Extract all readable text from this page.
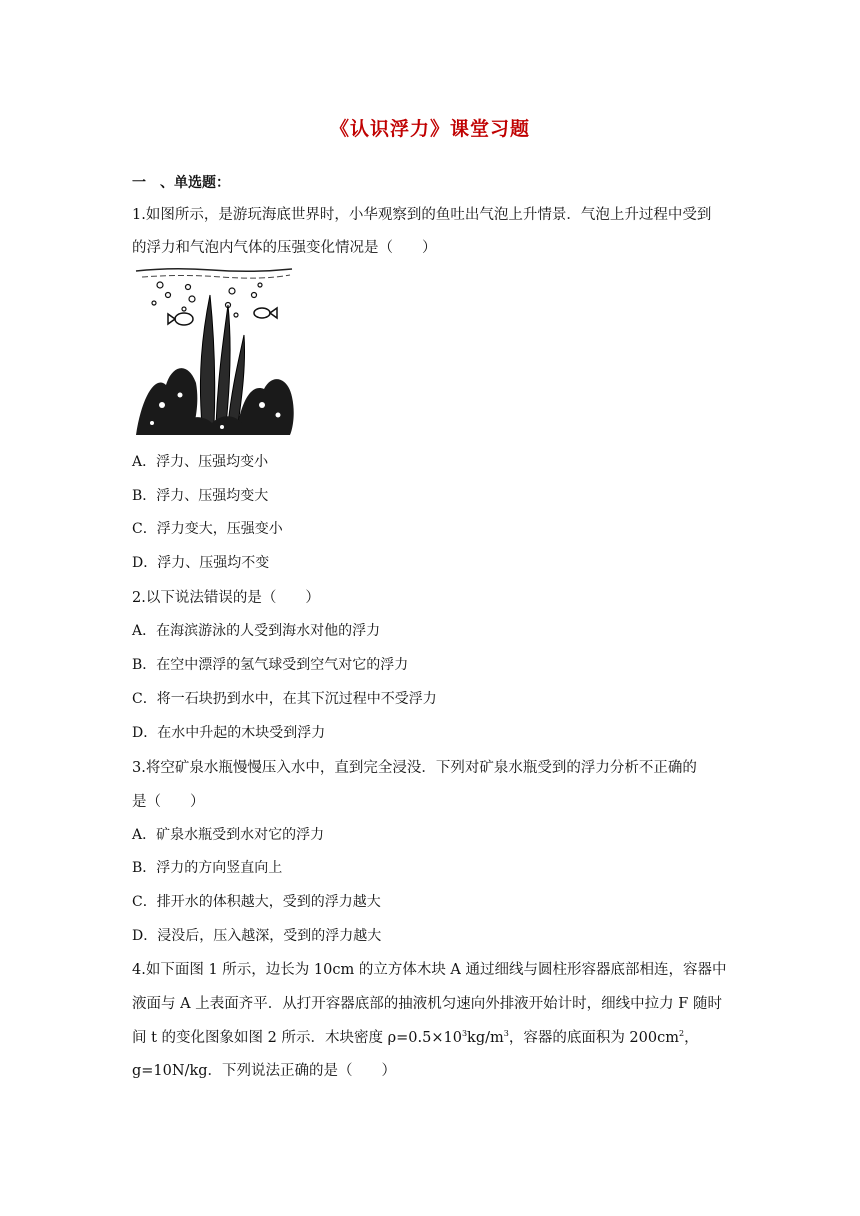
《认识浮力》课堂习题
一　、单选题：
1.如图所示，是游玩海底世界时，小华观察到的鱼吐出气泡上升情景．气泡上升过程中受到
的浮力和气泡内气体的压强变化情况是（　　）
A．浮力、压强均变小
B．浮力、压强均变大
C．浮力变大，压强变小
D．浮力、压强均不变
2.以下说法错误的是（　　）
A．在海滨游泳的人受到海水对他的浮力
B．在空中漂浮的氢气球受到空气对它的浮力
C．将一石块扔到水中，在其下沉过程中不受浮力
D．在水中升起的木块受到浮力
3.将空矿泉水瓶慢慢压入水中，直到完全浸没．下列对矿泉水瓶受到的浮力分析不正确的
是（　　）
A．矿泉水瓶受到水对它的浮力
B．浮力的方向竖直向上
C．排开水的体积越大，受到的浮力越大
D．浸没后，压入越深，受到的浮力越大
4.如下面图 1 所示，边长为 10cm 的立方体木块 A 通过细线与圆柱形容器底部相连，容器中
液面与 A 上表面齐平．从打开容器底部的抽液机匀速向外排液开始计时，细线中拉力 F 随时
间 t 的变化图象如图 2 所示．木块密度 $\rho=0.5\times 10^3kg/m^3$，容器的底面积为 $200cm^2$，
g=10N/kg．下列说法正确的是（　　）
